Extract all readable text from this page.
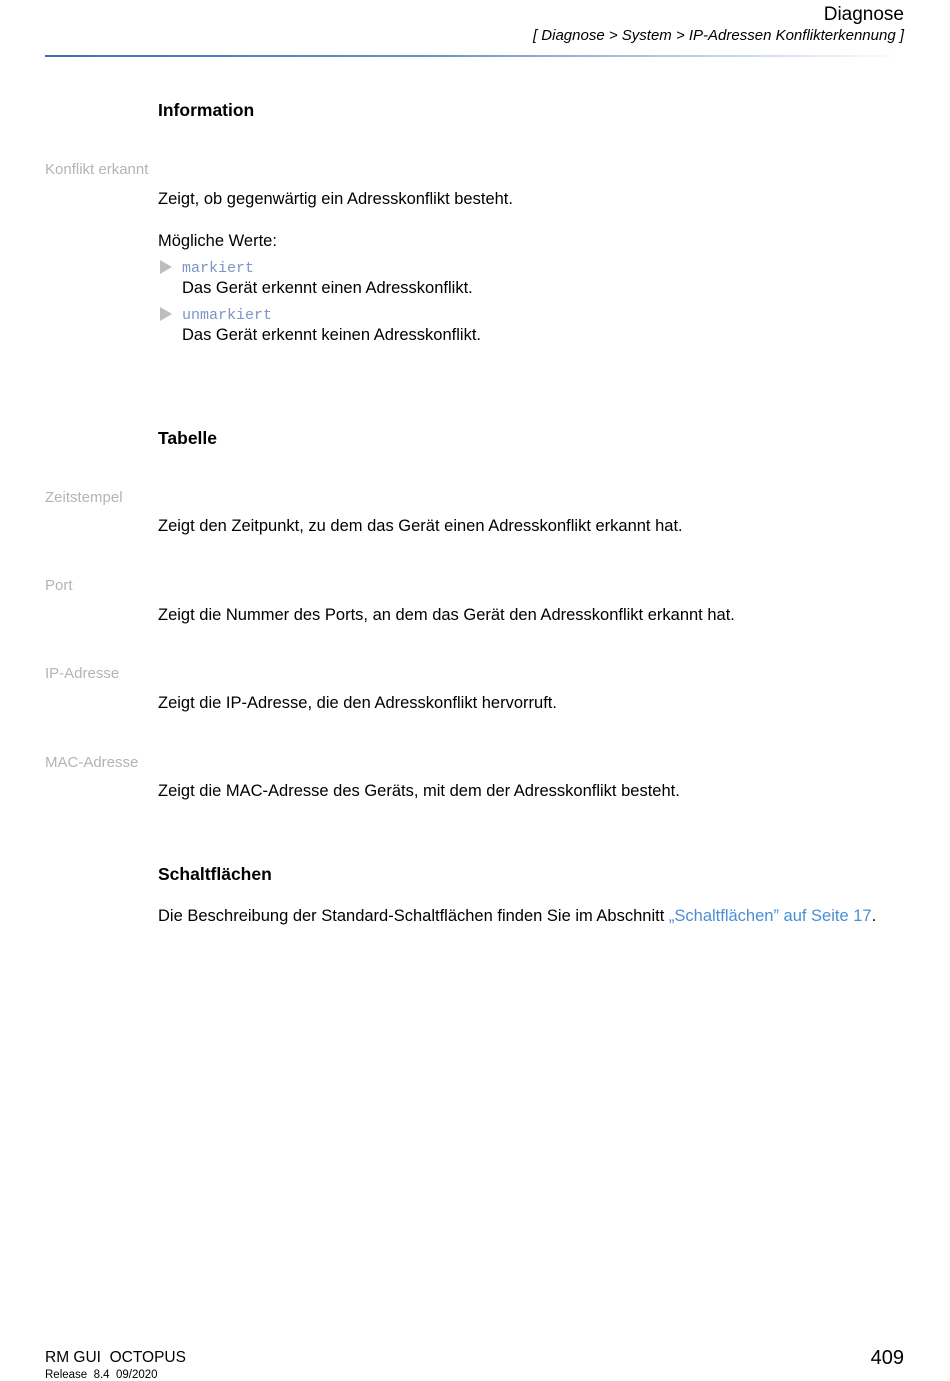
Diagnose
[ Diagnose > System > IP-Adressen Konflikterkennung ]
Information
Konflikt erkannt
Zeigt, ob gegenwärtig ein Adresskonflikt besteht.
Mögliche Werte:
markiert
Das Gerät erkennt einen Adresskonflikt.
unmarkiert
Das Gerät erkennt keinen Adresskonflikt.
Tabelle
Zeitstempel
Zeigt den Zeitpunkt, zu dem das Gerät einen Adresskonflikt erkannt hat.
Port
Zeigt die Nummer des Ports, an dem das Gerät den Adresskonflikt erkannt hat.
IP-Adresse
Zeigt die IP-Adresse, die den Adresskonflikt hervorruft.
MAC-Adresse
Zeigt die MAC-Adresse des Geräts, mit dem der Adresskonflikt besteht.
Schaltflächen
Die Beschreibung der Standard-Schaltflächen finden Sie im Abschnitt „Schaltflächen” auf Seite 17.
RM GUI  OCTOPUS
Release  8.4  09/2020
409
